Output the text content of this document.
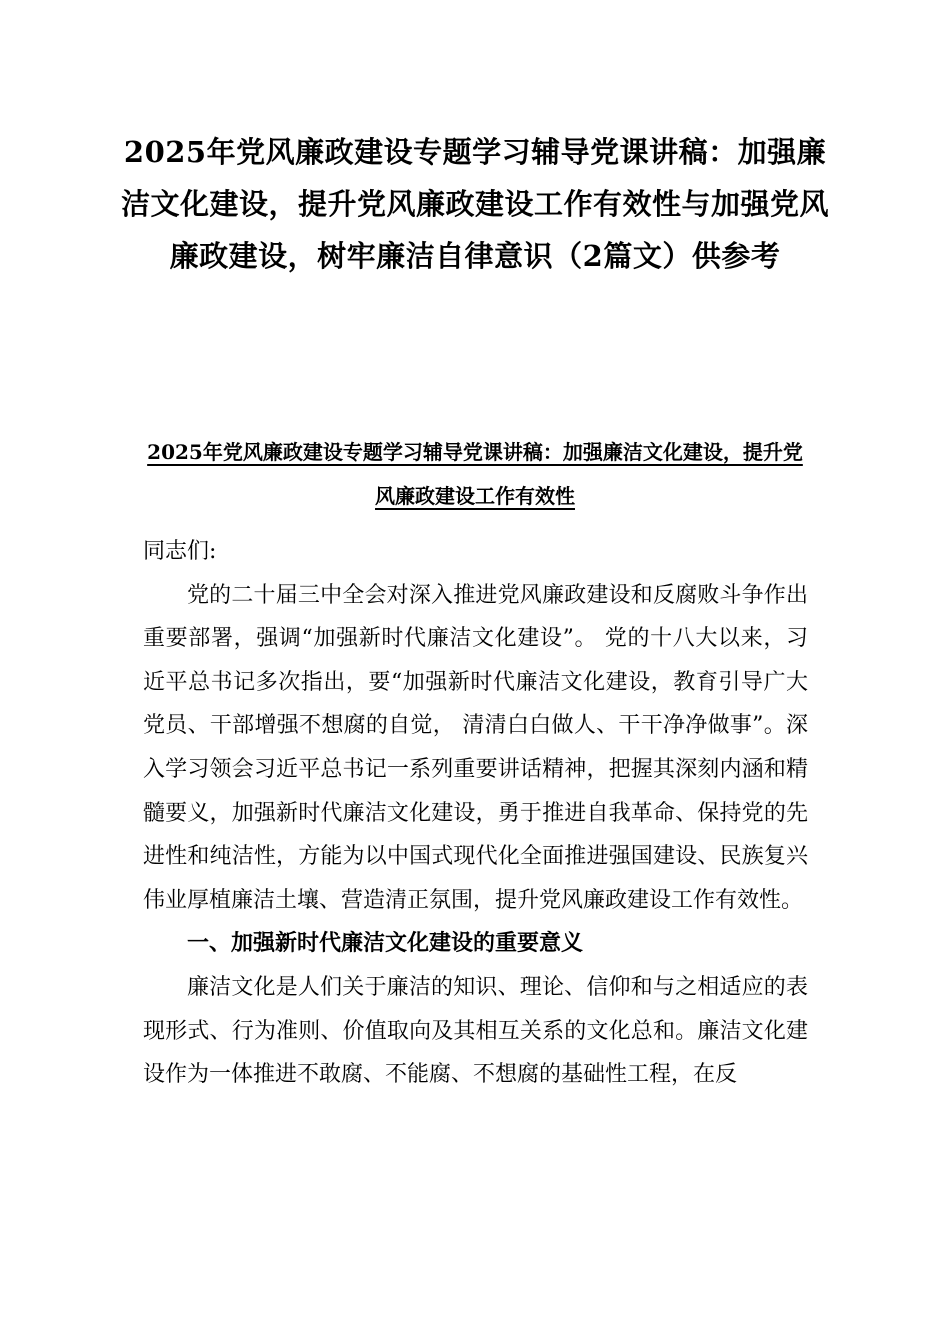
2025年党风廉政建设专题学习辅导党课讲稿：加强廉洁文化建设，提升党风廉政建设工作有效性与加强党风廉政建设，树牢廉洁自律意识（2篇文）供参考
2025年党风廉政建设专题学习辅导党课讲稿：加强廉洁文化建设，提升党风廉政建设工作有效性

同志们:

党的二十届三中全会对深入推进党风廉政建设和反腐败斗争作出重要部署，强调“加强新时代廉洁文化建设”。 党的十八大以来，习近平总书记多次指出，要“加强新时代廉洁文化建设，教育引导广大党员、干部增强不想腐的自觉， 清清白白做人、干干净净做事”。深入学习领会习近平总书记一系列重要讲话精神，把握其深刻内涵和精髓要义，加强新时代廉洁文化建设，勇于推进自我革命、保持党的先进性和纯洁性，方能为以中国式现代化全面推进强国建设、民族复兴伟业厚植廉洁土壤、营造清正氛围，提升党风廉政建设工作有效性。

一、加强新时代廉洁文化建设的重要意义

廉洁文化是人们关于廉洁的知识、理论、信仰和与之相适应的表现形式、行为准则、价值取向及其相互关系的文化总和。廉洁文化建设作为一体推进不敢腐、不能腐、不想腐的基础性工程，在反
